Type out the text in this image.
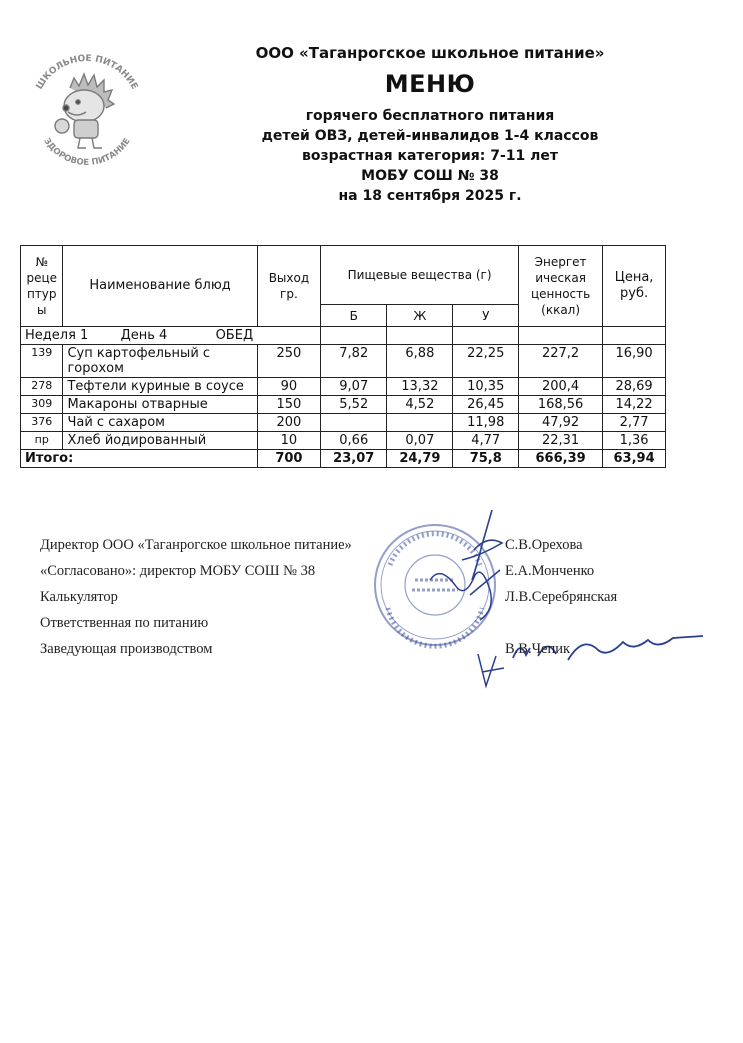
ШКОЛЬНОЕ ПИТАНИЕ
ЗДОРОВОЕ ПИТАНИЕ
ООО «Таганрогское школьное питание»
МЕНЮ
горячего бесплатного питания
детей ОВЗ, детей-инвалидов 1-4 классов
возрастная категория: 7-11 лет
МОБУ СОШ № 38
на 18 сентября 2025 г.
№ реце птур ы	Наименование блюд	Выход гр.	Пищевые вещества (г)			Энергет ическая ценность (ккал)	Цена, руб.
			Б	Ж	У		
Неделя 1 День 4 ОБЕД							
139	Суп картофельный с горохом	250	7,82	6,88	22,25	227,2	16,90
278	Тефтели куриные в соусе	90	9,07	13,32	10,35	200,4	28,69
309	Макароны отварные	150	5,52	4,52	26,45	168,56	14,22
376	Чай с сахаром	200			11,98	47,92	2,77
пр	Хлеб йодированный	10	0,66	0,07	4,77	22,31	1,36
Итого:		700	23,07	24,79	75,8	666,39	63,94
Директор ООО «Таганрогское школьное питание»	С.В.Орехова
«Согласовано»: директор МОБУ СОШ № 38	Е.А.Монченко
Калькулятор	Л.В.Серебрянская
Ответственная по питанию
Заведующая производством	В.В.Чепик
